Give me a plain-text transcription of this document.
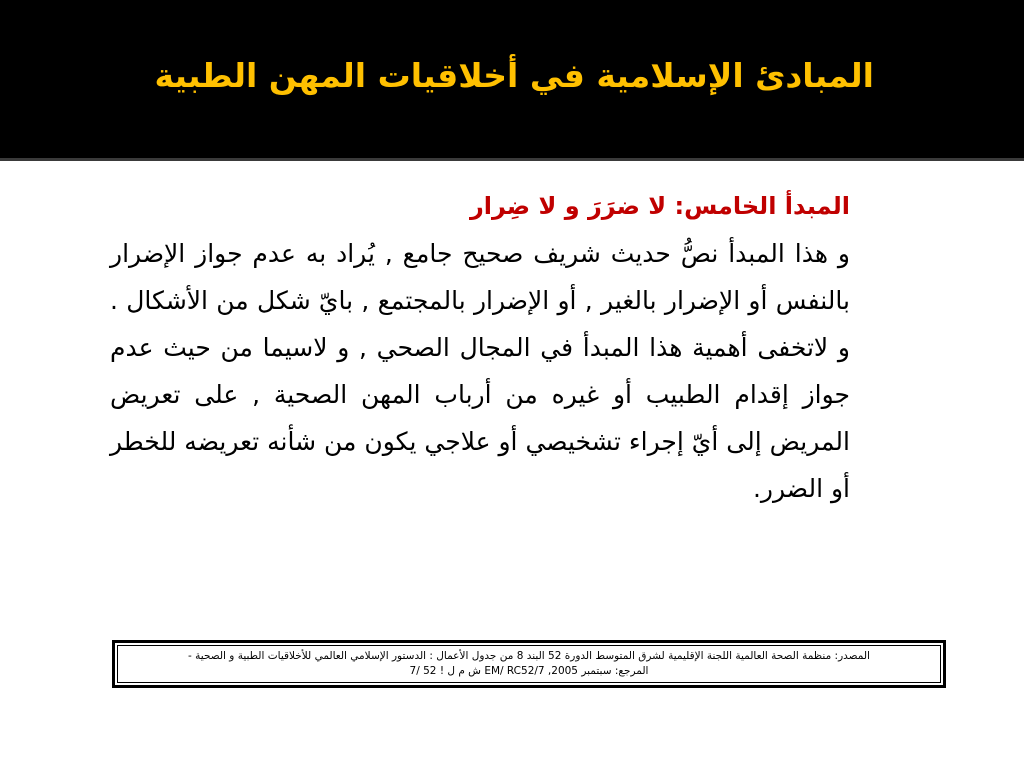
المبادئ الإسلامية في أخلاقيات المهن الطبية

المبدأ الخامس: لا ضرَرَ و لا ضِرار

و هذا المبدأ نصُّ حديث شريف صحيح جامع , يُراد به عدم جواز الإضرار بالنفس أو الإضرار بالغير , أو الإضرار بالمجتمع , بايّ شكل من الأشكال . و لاتخفى أهمية هذا المبدأ في المجال الصحي , و لاسيما من حيث عدم جواز إقدام الطبيب أو غيره من أرباب المهن الصحية , على تعريض المريض إلى أيّ إجراء تشخيصي أو علاجي يكون من شأنه تعريضه للخطر أو الضرر.

المصدر: منظمة الصحة العالمية اللجنة الإقليمية لشرق المتوسط الدورة 52 البند 8 من جدول الأعمال : الدستور الإسلامي العالمي للأخلاقيات الطبية و الصحية -
المرجع: سبتمبر EM/ RC52/7 ,2005 ش م ل ! 52 /7
